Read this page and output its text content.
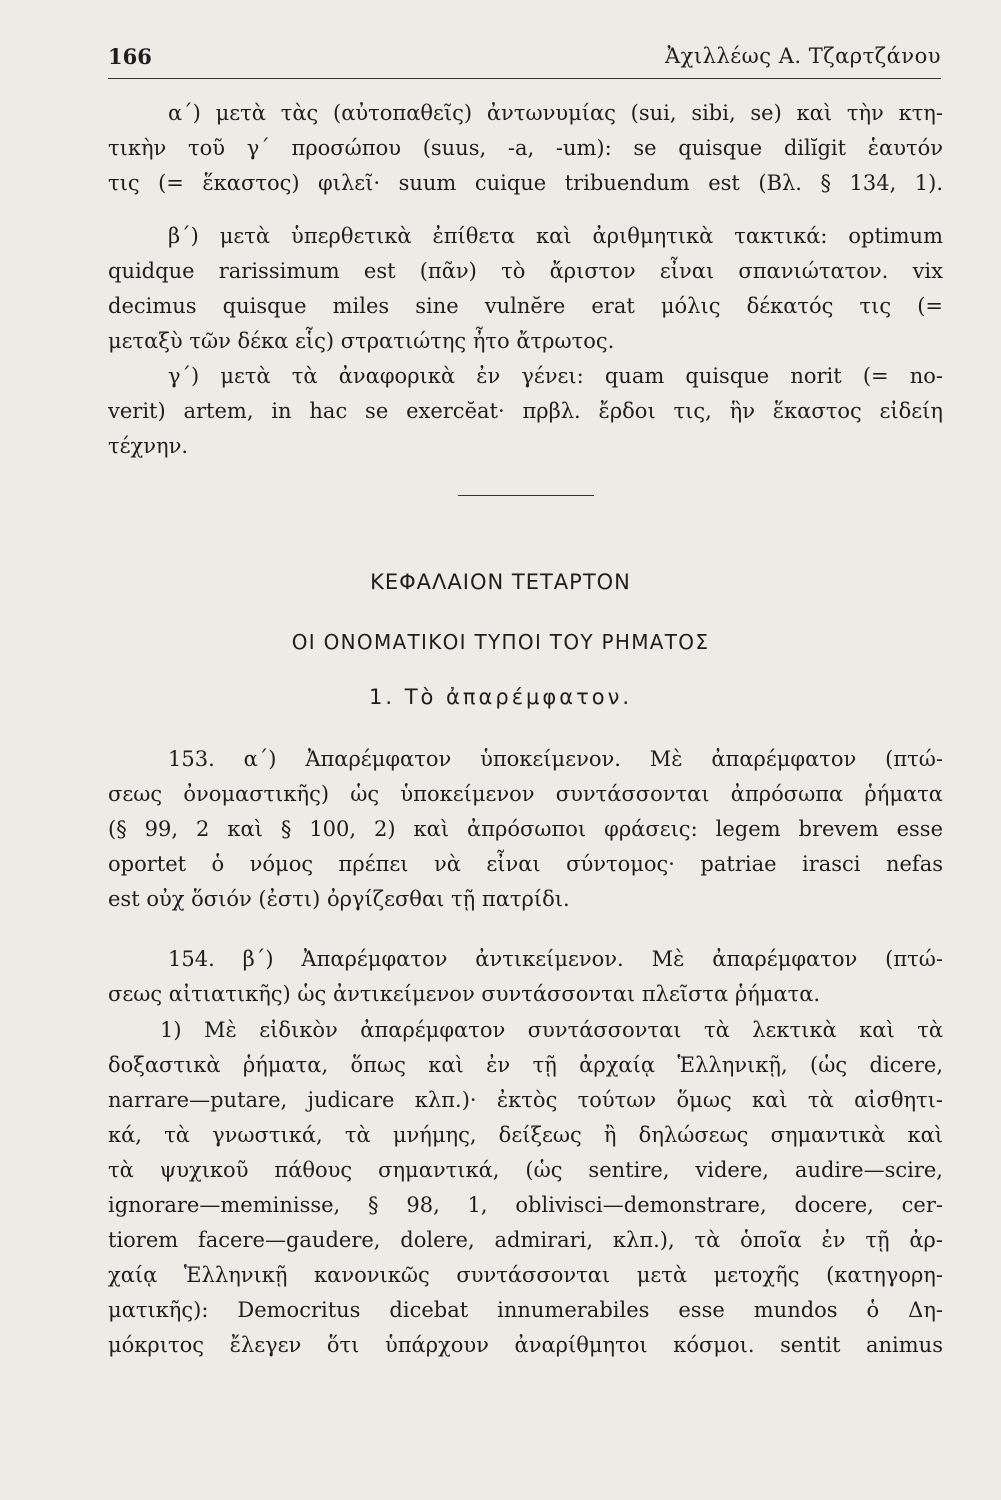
166	Ἀχιλλέως Α. Τζαρτζάνου
α΄) μετὰ τὰς (αὐτοπαθεῖς) ἀντωνυμίας (sui, sibi, se) καὶ τὴν κτη-
τικὴν τοῦ γ΄ προσώπου (suus, -a, -um): se quisque dilĭgit ἑαυτόν
τις (= ἕκαστος) φιλεῖ· suum cuique tribuendum est (Βλ. § 134, 1).
β΄) μετὰ ὑπερθετικὰ ἐπίθετα καὶ ἀριθμητικὰ τακτικά: optimum
quidque rarissimum est (πᾶν) τὸ ἄριστον εἶναι σπανιώτατον. vix
decimus quisque miles sine vulnĕre erat μόλις δέκατός τις (=
μεταξὺ τῶν δέκα εἷς) στρατιώτης ἦτο ἄτρωτος.
γ΄) μετὰ τὰ ἀναφορικὰ ἐν γένει: quam quisque norit (= no-
verit) artem, in hac se exercĕat· πρβλ. ἔρδοι τις, ἣν ἕκαστος εἰδείη
τέχνην.
ΚΕΦΑΛΑΙΟΝ ΤΕΤΑΡΤΟΝ
ΟΙ ΟΝΟΜΑΤΙΚΟΙ ΤΥΠΟΙ ΤΟΥ ΡΗΜΑΤΟΣ
1. Τὸ ἀπαρέμφατον.
153. α΄) Ἀπαρέμφατον ὑποκείμενον. Μὲ ἀπαρέμφατον (πτώ-
σεως ὀνομαστικῆς) ὡς ὑποκείμενον συντάσσονται ἀπρόσωπα ῥήματα
(§ 99, 2 καὶ § 100, 2) καὶ ἀπρόσωποι φράσεις: legem brevem esse
oportet ὁ νόμος πρέπει νὰ εἶναι σύντομος· patriae irasci nefas
est οὐχ ὅσιόν (ἐστι) ὀργίζεσθαι τῇ πατρίδι.
154. β΄) Ἀπαρέμφατον ἀντικείμενον. Μὲ ἀπαρέμφατον (πτώ-
σεως αἰτιατικῆς) ὡς ἀντικείμενον συντάσσονται πλεῖστα ῥήματα.
1) Μὲ εἰδικὸν ἀπαρέμφατον συντάσσονται τὰ λεκτικὰ καὶ τὰ
δοξαστικὰ ῥήματα, ὅπως καὶ ἐν τῇ ἀρχαίᾳ Ἑλληνικῇ, (ὡς dicere,
narrare—putare, judicare κλπ.)· ἐκτὸς τούτων ὅμως καὶ τὰ αἰσθητι-
κά, τὰ γνωστικά, τὰ μνήμης, δείξεως ἢ δηλώσεως σημαντικὰ καὶ
τὰ ψυχικοῦ πάθους σημαντικά, (ὡς sentire, videre, audire—scire,
ignorare—meminisse, § 98, 1, oblivisci—demonstrare, docere, cer-
tiorem facere—gaudere, dolere, admirari, κλπ.), τὰ ὁποῖα ἐν τῇ ἀρ-
χαίᾳ Ἑλληνικῇ κανονικῶς συντάσσονται μετὰ μετοχῆς (κατηγορη-
ματικῆς): Democritus dicebat innumerabiles esse mundos ὁ Δη-
μόκριτος ἔλεγεν ὅτι ὑπάρχουν ἀναρίθμητοι κόσμοι. sentit animus
